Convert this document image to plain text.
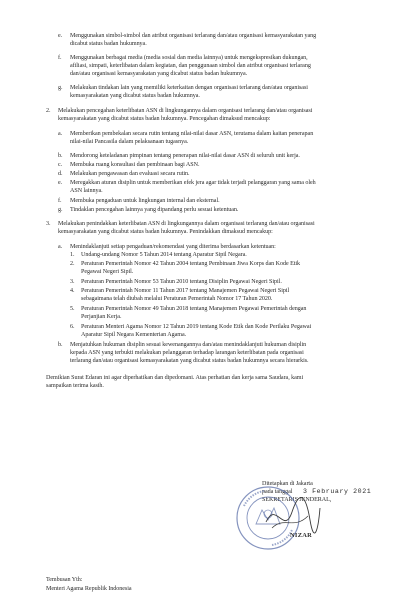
e. Menggunakan simbol-simbol dan atribut organisasi terlarang dan/atau organisasi kemasyarakatan yang
dicabut status badan hukumnya.
f. Menggunakan berbagai media (media sosial dan media lainnya) untuk mengekspresikan dukungan,
afiliasi, simpati, keterlibatan dalam kegiatan, dan penggunaan simbol dan atribut organisasi terlarang
dan/atau organisasi kemasyarakatan yang dicabut status badan hukumnya.
g. Melakukan tindakan lain yang memiliki keterkaitan dengan organisasi terlarang dan/atau organisasi
kemasyarakatan yang dicabut status badan hukumnya.
2. Melakukan pencegahan keterlibatan ASN di lingkungannya dalam organisasi terlarang dan/atau organisasi
kemasyarakatan yang dicabut status badan hukumnya. Pencegahan dimaksud mencakup:
a. Memberikan pembekalan secara rutin tentang nilai-nilai dasar ASN, terutama dalam kaitan penerapan
nilai-nilai Pancasila dalam pelaksanaan tugasnya.
b. Mendorong keteladanan pimpinan tentang penerapan nilai-nilai dasar ASN di seluruh unit kerja.
c. Membuka ruang konsultasi dan pembinaan bagi ASN.
d. Melakukan pengawasan dan evaluasi secara rutin.
e. Meregakkan aturan disiplin untuk memberikan efek jera agar tidak terjadi pelanggaran yang sama oleh
ASN lainnya.
f. Membuka pengaduan untuk lingkungan internal dan eksternal.
g. Tindaklan pencegahan lainnya yang dipandang perlu sesuai ketentuan.
3. Melakukan penindakkan keterlibatan ASN di lingkungannya dalam organisasi terlarang dan/atau organisasi
kemasyarakatan yang dicabut status badan hukumnya. Penindakkan dimaksud mencakup:
a. Menindaklanjuti setiap pengaduan/rekomendasi yang diterima berdasarkan ketentuan:
1. Undang-undang Nomor 5 Tahun 2014 tentang Aparatur Sipil Negara.
2. Peraturan Pemerintah Nomor 42 Tahun 2004 tentang Pembinaan Jiwa Korps dan Kode Etik
Pegawai Negeri Sipil.
3. Peraturan Pemerintah Nomor 53 Tahun 2010 tentang Disiplin Pegawai Negeri Sipil.
4. Peraturan Pemerintah Nomor 11 Tahun 2017 tentang Manajemen Pegawai Negeri Sipil
sebagaimana telah diubah melalui Peraturan Pemerintah Nomor 17 Tahun 2020.
5. Peraturan Pemerintah Nomor 49 Tahun 2018 tentang Manajemen Pegawai Pemerintah dengan
Perjanjian Kerja.
6. Peraturan Menteri Agama Nomor 12 Tahun 2019 tentang Kode Etik dan Kode Perilaku Pegawai
Aparatur Sipil Negara Kementerian Agama.
b. Menjatuhkan hukuman disiplin sesuai kewenangannya dan/atau menindaklanjuti hukuman disiplin
kepada ASN yang terbukti melakukan pelanggaran terhadap larangan keterlibatan pada organisasi
terlarang dan/atau organisasi kemasyarakatan yang dicabut status badan hukumnya secara hierarkis.
Demikian Surat Edaran ini agar diperhatikan dan dipedomani. Atas perhatian dan kerja sama Saudara, kami
sampaikan terima kasih.
Ditetapkan di Jakarta
pada tanggal 3 February 2021
SEKRETARIS JENDERAL,
NIZAR
Tembusan Yth:
Menteri Agama Republik Indonesia
